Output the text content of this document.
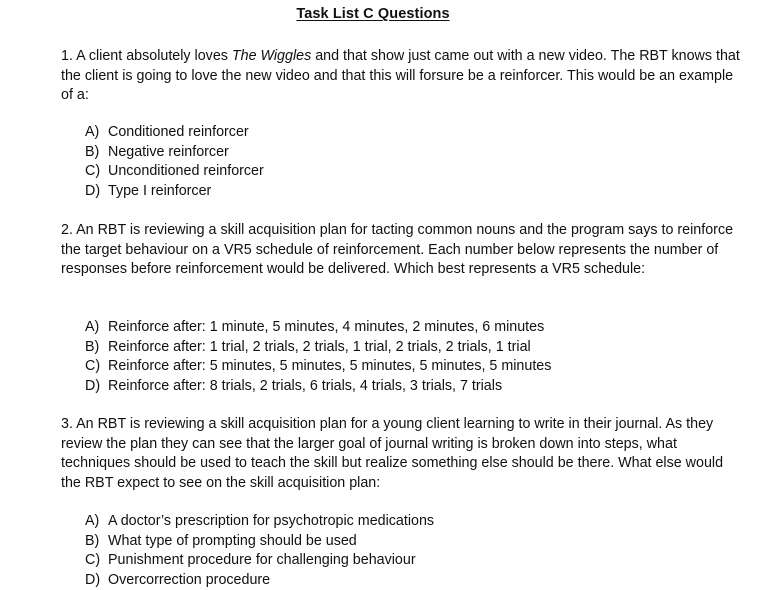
Task List C Questions

1. A client absolutely loves The Wiggles and that show just came out with a new video. The RBT knows that the client is going to love the new video and that this will forsure be a reinforcer. This would be an example of a:

A) Conditioned reinforcer
B) Negative reinforcer
C) Unconditioned reinforcer
D) Type I reinforcer

2. An RBT is reviewing a skill acquisition plan for tacting common nouns and the program says to reinforce the target behaviour on a VR5 schedule of reinforcement. Each number below represents the number of responses before reinforcement would be delivered. Which best represents a VR5 schedule:

A) Reinforce after: 1 minute, 5 minutes, 4 minutes, 2 minutes, 6 minutes
B) Reinforce after: 1 trial, 2 trials, 2 trials, 1 trial, 2 trials, 2 trials, 1 trial
C) Reinforce after: 5 minutes, 5 minutes, 5 minutes, 5 minutes, 5 minutes
D) Reinforce after: 8 trials, 2 trials, 6 trials, 4 trials, 3 trials, 7 trials

3. An RBT is reviewing a skill acquisition plan for a young client learning to write in their journal. As they review the plan they can see that the larger goal of journal writing is broken down into steps, what techniques should be used to teach the skill but realize something else should be there. What else would the RBT expect to see on the skill acquisition plan:

A) A doctor’s prescription for psychotropic medications
B) What type of prompting should be used
C) Punishment procedure for challenging behaviour
D) Overcorrection procedure
